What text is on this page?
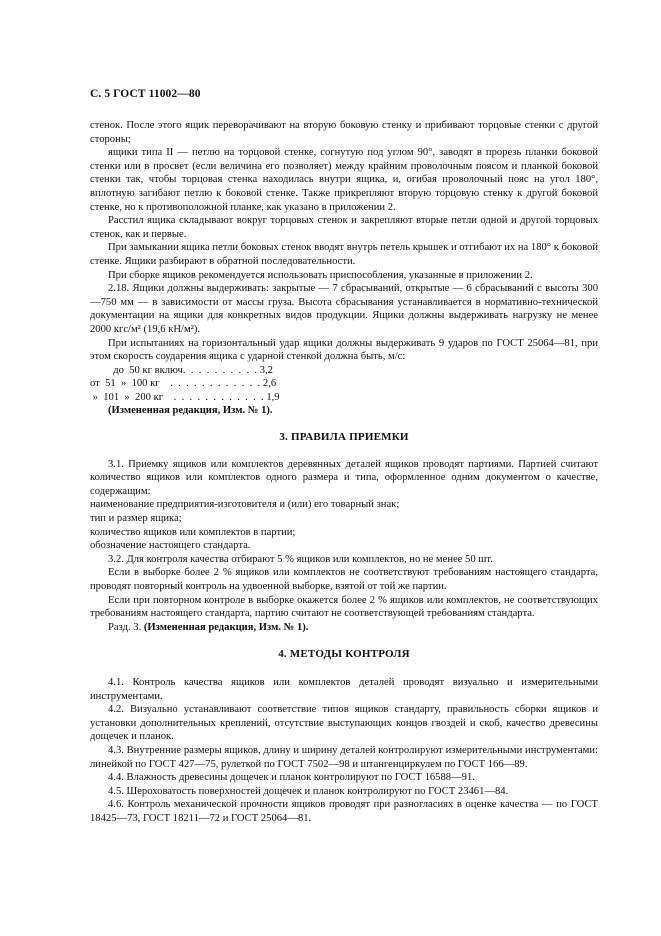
С. 5 ГОСТ 11002—80

стенок. После этого ящик переворачивают на вторую боковую стенку и прибивают торцовые стенки с другой стороны;

ящики типа II — петлю на торцовой стенке, согнутую под углом 90°, заводят в прорезь планки боковой стенки или в просвет (если величина его позволяет) между крайним проволочным поясом и планкой боковой стенки так, чтобы торцовая стенка находилась внутри ящика, и, огибая проволочный пояс на угол 180°, вплотную загибают петлю к боковой стенке. Также прикрепляют вторую торцовую стенку к другой боковой стенке, но к противоположной планке, как указано в приложении 2.

Расстил ящика складывают вокруг торцовых стенок и закрепляют вторые петли одной и другой торцовых стенок, как и первые.

При замыкании ящика петли боковых стенок вводят внутрь петель крышек и отгибают их на 180° к боковой стенке. Ящики разбирают в обратной последовательности.

При сборке ящиков рекомендуется использовать приспособления, указанные в приложении 2.

2.18. Ящики должны выдерживать: закрытые — 7 сбрасываний, открытые — 6 сбрасываний с высоты 300—750 мм — в зависимости от массы груза. Высота сбрасывания устанавливается в нормативно-технической документации на ящики для конкретных видов продукции. Ящики должны выдерживать нагрузку не менее 2000 кгс/м² (19,6 кН/м²).

При испытаниях на горизонтальный удар ящики должны выдерживать 9 ударов по ГОСТ 25064—81, при этом скорость соударения ящика с ударной стенкой должна быть, м/с:

до  50 кг включ.  .  .  .  .  .  .  .  .  . 3,2
от  51  »  100 кг    .  .  .  .  .  .  .  .  .  .  .  . 2,6
»  101  »  200 кг    .  .  .  .  .  .  .  .  .  .  .  . 1,9

(Измененная редакция, Изм. № 1).

3. ПРАВИЛА ПРИЕМКИ

3.1. Приемку ящиков или комплектов деревянных деталей ящиков проводят партиями. Партией считают количество ящиков или комплектов одного размера и типа, оформленное одним документом о качестве, содержащим:

наименование предприятия-изготовителя и (или) его товарный знак;

тип и размер ящика;

количество ящиков или комплектов в партии;

обозначение настоящего стандарта.

3.2. Для контроля качества отбирают 5 % ящиков или комплектов, но не менее 50 шт.

Если в выборке более 2 % ящиков или комплектов не соответствуют требованиям настоящего стандарта, проводят повторный контроль на удвоенной выборке, взятой от той же партии.

Если при повторном контроле в выборке окажется более 2 % ящиков или комплектов, не соответствующих требованиям настоящего стандарта, партию считают не соответствующей требованиям стандарта.

Разд. 3. (Измененная редакция, Изм. № 1).

4. МЕТОДЫ КОНТРОЛЯ

4.1. Контроль качества ящиков или комплектов деталей проводят визуально и измерительными инструментами.

4.2. Визуально устанавливают соответствие типов ящиков стандарту, правильность сборки ящиков и установки дополнительных креплений, отсутствие выступающих концов гвоздей и скоб, качество древесины дощечек и планок.

4.3. Внутренние размеры ящиков, длину и ширину деталей контролируют измерительными инструментами: линейкой по ГОСТ 427—75, рулеткой по ГОСТ 7502—98 и штангенциркулем по ГОСТ 166—89.

4.4. Влажность древесины дощечек и планок контролируют по ГОСТ 16588—91.

4.5. Шероховатость поверхностей дощечек и планок контролируют по ГОСТ 23461—84.

4.6. Контроль механической прочности ящиков проводят при разногласиях в оценке качества — по ГОСТ 18425—73, ГОСТ 18211—72 и ГОСТ 25064—81.
